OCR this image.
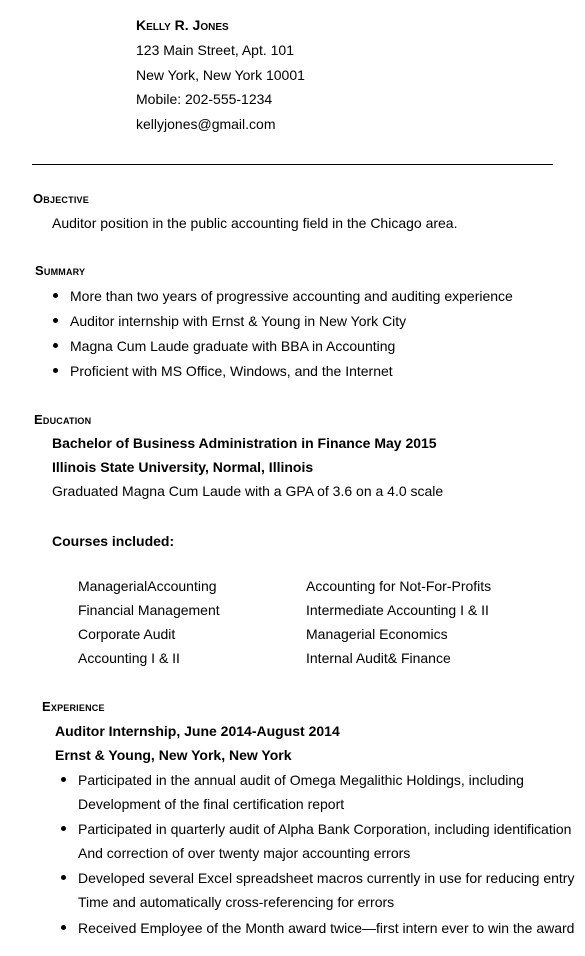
Kelly R. Jones
123 Main Street, Apt. 101
New York, New York 10001
Mobile: 202-555-1234
kellyjones@gmail.com
Objective
Auditor position in the public accounting field in the Chicago area.
Summary
More than two years of progressive accounting and auditing experience
Auditor internship with Ernst & Young in New York City
Magna Cum Laude graduate with BBA in Accounting
Proficient with MS Office, Windows, and the Internet
Education
Bachelor of Business Administration in Finance May 2015
Illinois State University, Normal, Illinois
Graduated Magna Cum Laude with a GPA of 3.6 on a 4.0 scale
Courses included:
ManagerialAccounting
Financial Management
Corporate Audit
Accounting I & II
Accounting for Not-For-Profits
Intermediate Accounting I & II
Managerial Economics
Internal Audit& Finance
Experience
Auditor Internship, June 2014-August 2014
Ernst & Young, New York, New York
Participated in the annual audit of Omega Megalithic Holdings, including
Development of the final certification report
Participated in quarterly audit of Alpha Bank Corporation, including identification
And correction of over twenty major accounting errors
Developed several Excel spreadsheet macros currently in use for reducing entry
Time and automatically cross-referencing for errors
Received Employee of the Month award twice—first intern ever to win the award
